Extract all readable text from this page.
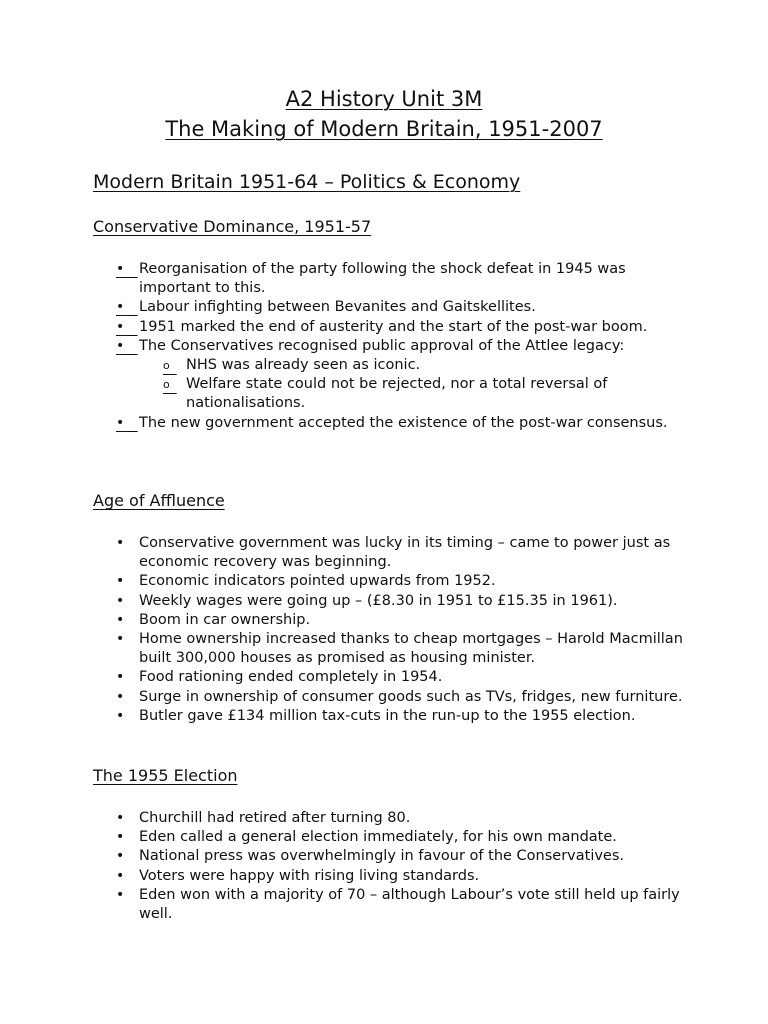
A2 History Unit 3M
The Making of Modern Britain, 1951-2007
Modern Britain 1951-64 – Politics & Economy
Conservative Dominance, 1951-57
•	Reorganisation of the party following the shock defeat in 1945 was important to this.
•	Labour infighting between Bevanites and Gaitskellites.
•	1951 marked the end of austerity and the start of the post-war boom.
•	The Conservatives recognised public approval of the Attlee legacy:
o	NHS was already seen as iconic.
o	Welfare state could not be rejected, nor a total reversal of nationalisations.
•	The new government accepted the existence of the post-war consensus.
Age of Affluence
• Conservative government was lucky in its timing – came to power just as economic recovery was beginning.
• Economic indicators pointed upwards from 1952.
• Weekly wages were going up – (£8.30 in 1951 to £15.35 in 1961).
• Boom in car ownership.
• Home ownership increased thanks to cheap mortgages – Harold Macmillan built 300,000 houses as promised as housing minister.
• Food rationing ended completely in 1954.
• Surge in ownership of consumer goods such as TVs, fridges, new furniture.
• Butler gave £134 million tax-cuts in the run-up to the 1955 election.
The 1955 Election
• Churchill had retired after turning 80.
• Eden called a general election immediately, for his own mandate.
• National press was overwhelmingly in favour of the Conservatives.
• Voters were happy with rising living standards.
• Eden won with a majority of 70 – although Labour’s vote still held up fairly well.
